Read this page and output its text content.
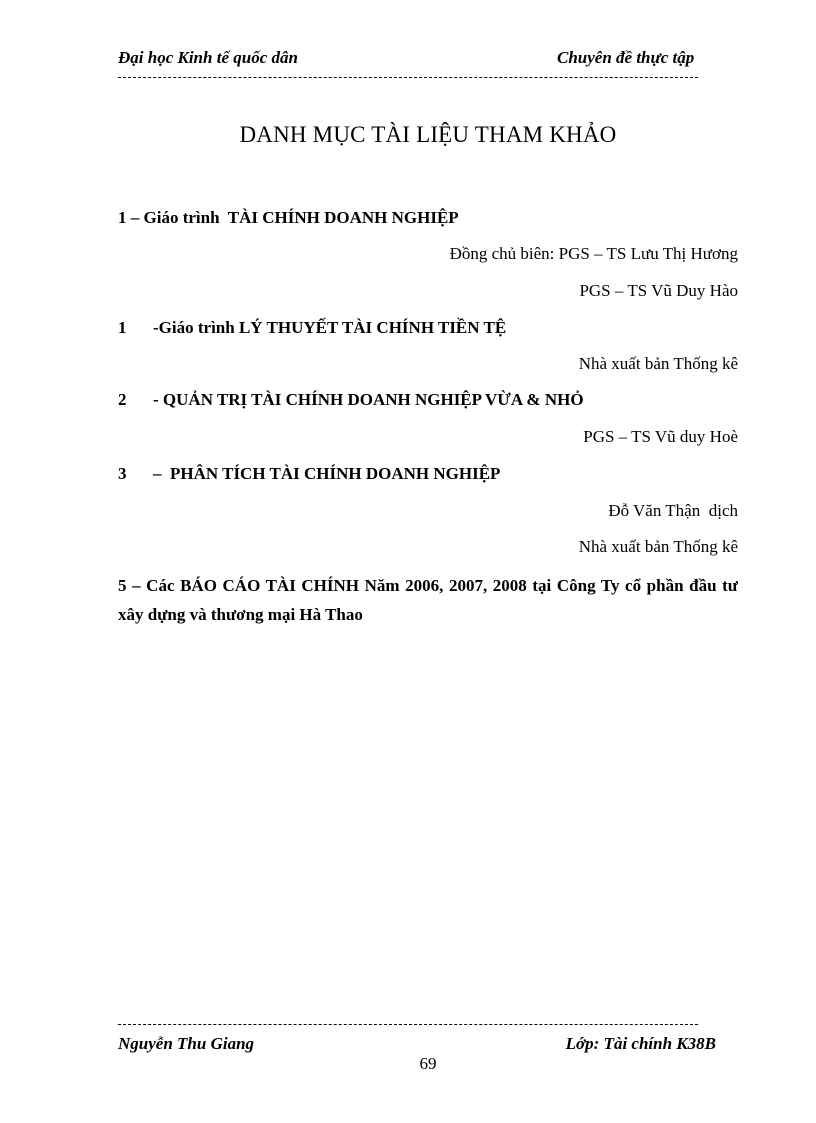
Đại học Kinh tế quốc dân	Chuyên đề thực tập
DANH MỤC TÀI LIỆU THAM KHẢO
1 – Giáo trình TÀI CHÍNH DOANH NGHIỆP
Đồng chủ biên: PGS – TS Lưu Thị Hương
PGS – TS Vũ Duy Hào
1 -Giáo trình LÝ THUYẾT TÀI CHÍNH TIỀN TỆ
Nhà xuất bản Thống kê
2 - QUẢN TRỊ TÀI CHÍNH DOANH NGHIỆP VỪA & NHỎ
PGS – TS Vũ duy Hoè
3 – PHÂN TÍCH TÀI CHÍNH DOANH NGHIỆP
Đỗ Văn Thận  dịch
Nhà xuất bản Thống kê
5 – Các BÁO CÁO TÀI CHÍNH Năm 2006, 2007, 2008 tại Công Ty cổ phần đầu tư xây dựng và thương mại Hà Thao
Nguyễn Thu Giang	Lớp: Tài chính K38B
69
